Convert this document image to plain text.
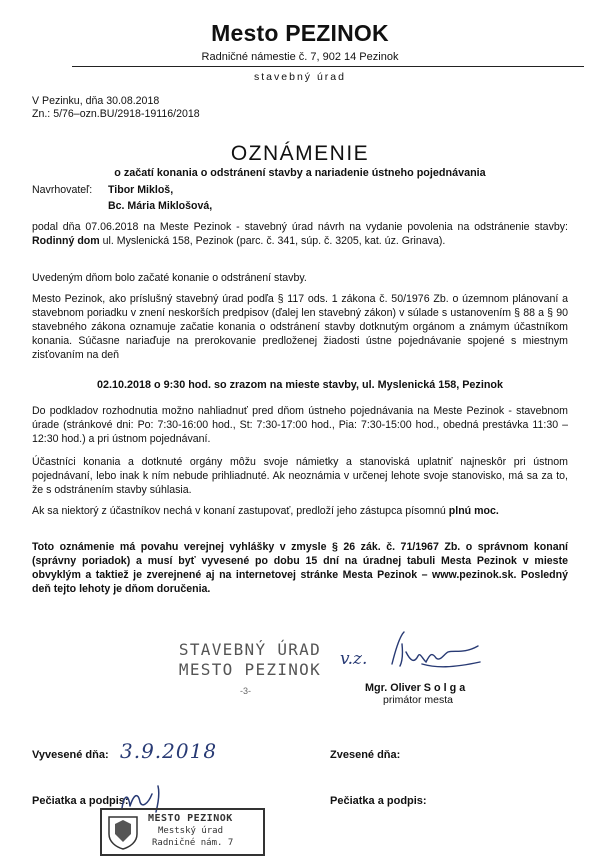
Mesto PEZINOK
Radničné námestie č. 7, 902 14 Pezinok
stavebný úrad
V Pezinku, dňa 30.08.2018
Zn.: 5/76–ozn.BU/2918-19116/2018
OZNÁMENIE
o začatí konania o odstránení stavby a nariadenie ústneho pojednávania
Navrhovateľ: Tibor Mikloš,
Bc. Mária Miklošová,
podal dňa 07.06.2018 na Meste Pezinok - stavebný úrad návrh na vydanie povolenia na odstránenie stavby: Rodinný dom ul. Myslenická 158, Pezinok (parc. č. 341, súp. č. 3205, kat. úz. Grinava).
Uvedeným dňom bolo začaté konanie o odstránení stavby.
Mesto Pezinok, ako príslušný stavebný úrad podľa § 117 ods. 1 zákona č. 50/1976 Zb. o územnom plánovaní a stavebnom poriadku v znení neskorších predpisov (ďalej len stavebný zákon) v súlade s ustanovením § 88 a § 90 stavebného zákona oznamuje začatie konania o odstránení stavby dotknutým orgánom a známym účastníkom konania. Súčasne nariaďuje na prerokovanie predloženej žiadosti ústne pojednávanie spojené s miestnym zisťovaním na deň
02.10.2018 o 9:30 hod. so zrazom na mieste stavby, ul. Myslenická 158, Pezinok
Do podkladov rozhodnutia možno nahliadnuť pred dňom ústneho pojednávania na Meste Pezinok - stavebnom úrade (stránkové dni: Po: 7:30-16:00 hod., St: 7:30-17:00 hod., Pia: 7:30-15:00 hod., obedná prestávka 11:30 – 12:30 hod.) a pri ústnom pojednávaní.
Účastníci konania a dotknuté orgány môžu svoje námietky a stanoviská uplatniť najneskôr pri ústnom pojednávaní, lebo inak k ním nebude prihliadnuté. Ak neoznámia v určenej lehote svoje stanovisko, má sa za to, že s odstránením stavby súhlasia.
Ak sa niektorý z účastníkov nechá v konaní zastupovať, predloží jeho zástupca písomnú plnú moc.
Toto oznámenie má povahu verejnej vyhlášky v zmysle § 26 zák. č. 71/1967 Zb. o správnom konaní (správny poriadok) a musí byť vyvesené po dobu 15 dní na úradnej tabuli Mesta Pezinok v mieste obvyklým a taktiež je zverejnené aj na internetovej stránke Mesta Pezinok – www.pezinok.sk. Posledný deň tejto lehoty je dňom doručenia.
STAVEBNÝ ÚRAD
MESTO PEZINOK
-3-
v.z.
Mgr. Oliver S o l g a
primátor mesta
Vyvesené dňa: 3.9.2018	Zvesené dňa:
Pečiatka a podpis:	Pečiatka a podpis:
MESTO PEZINOK
Mestský úrad
Radničné nám. 7
